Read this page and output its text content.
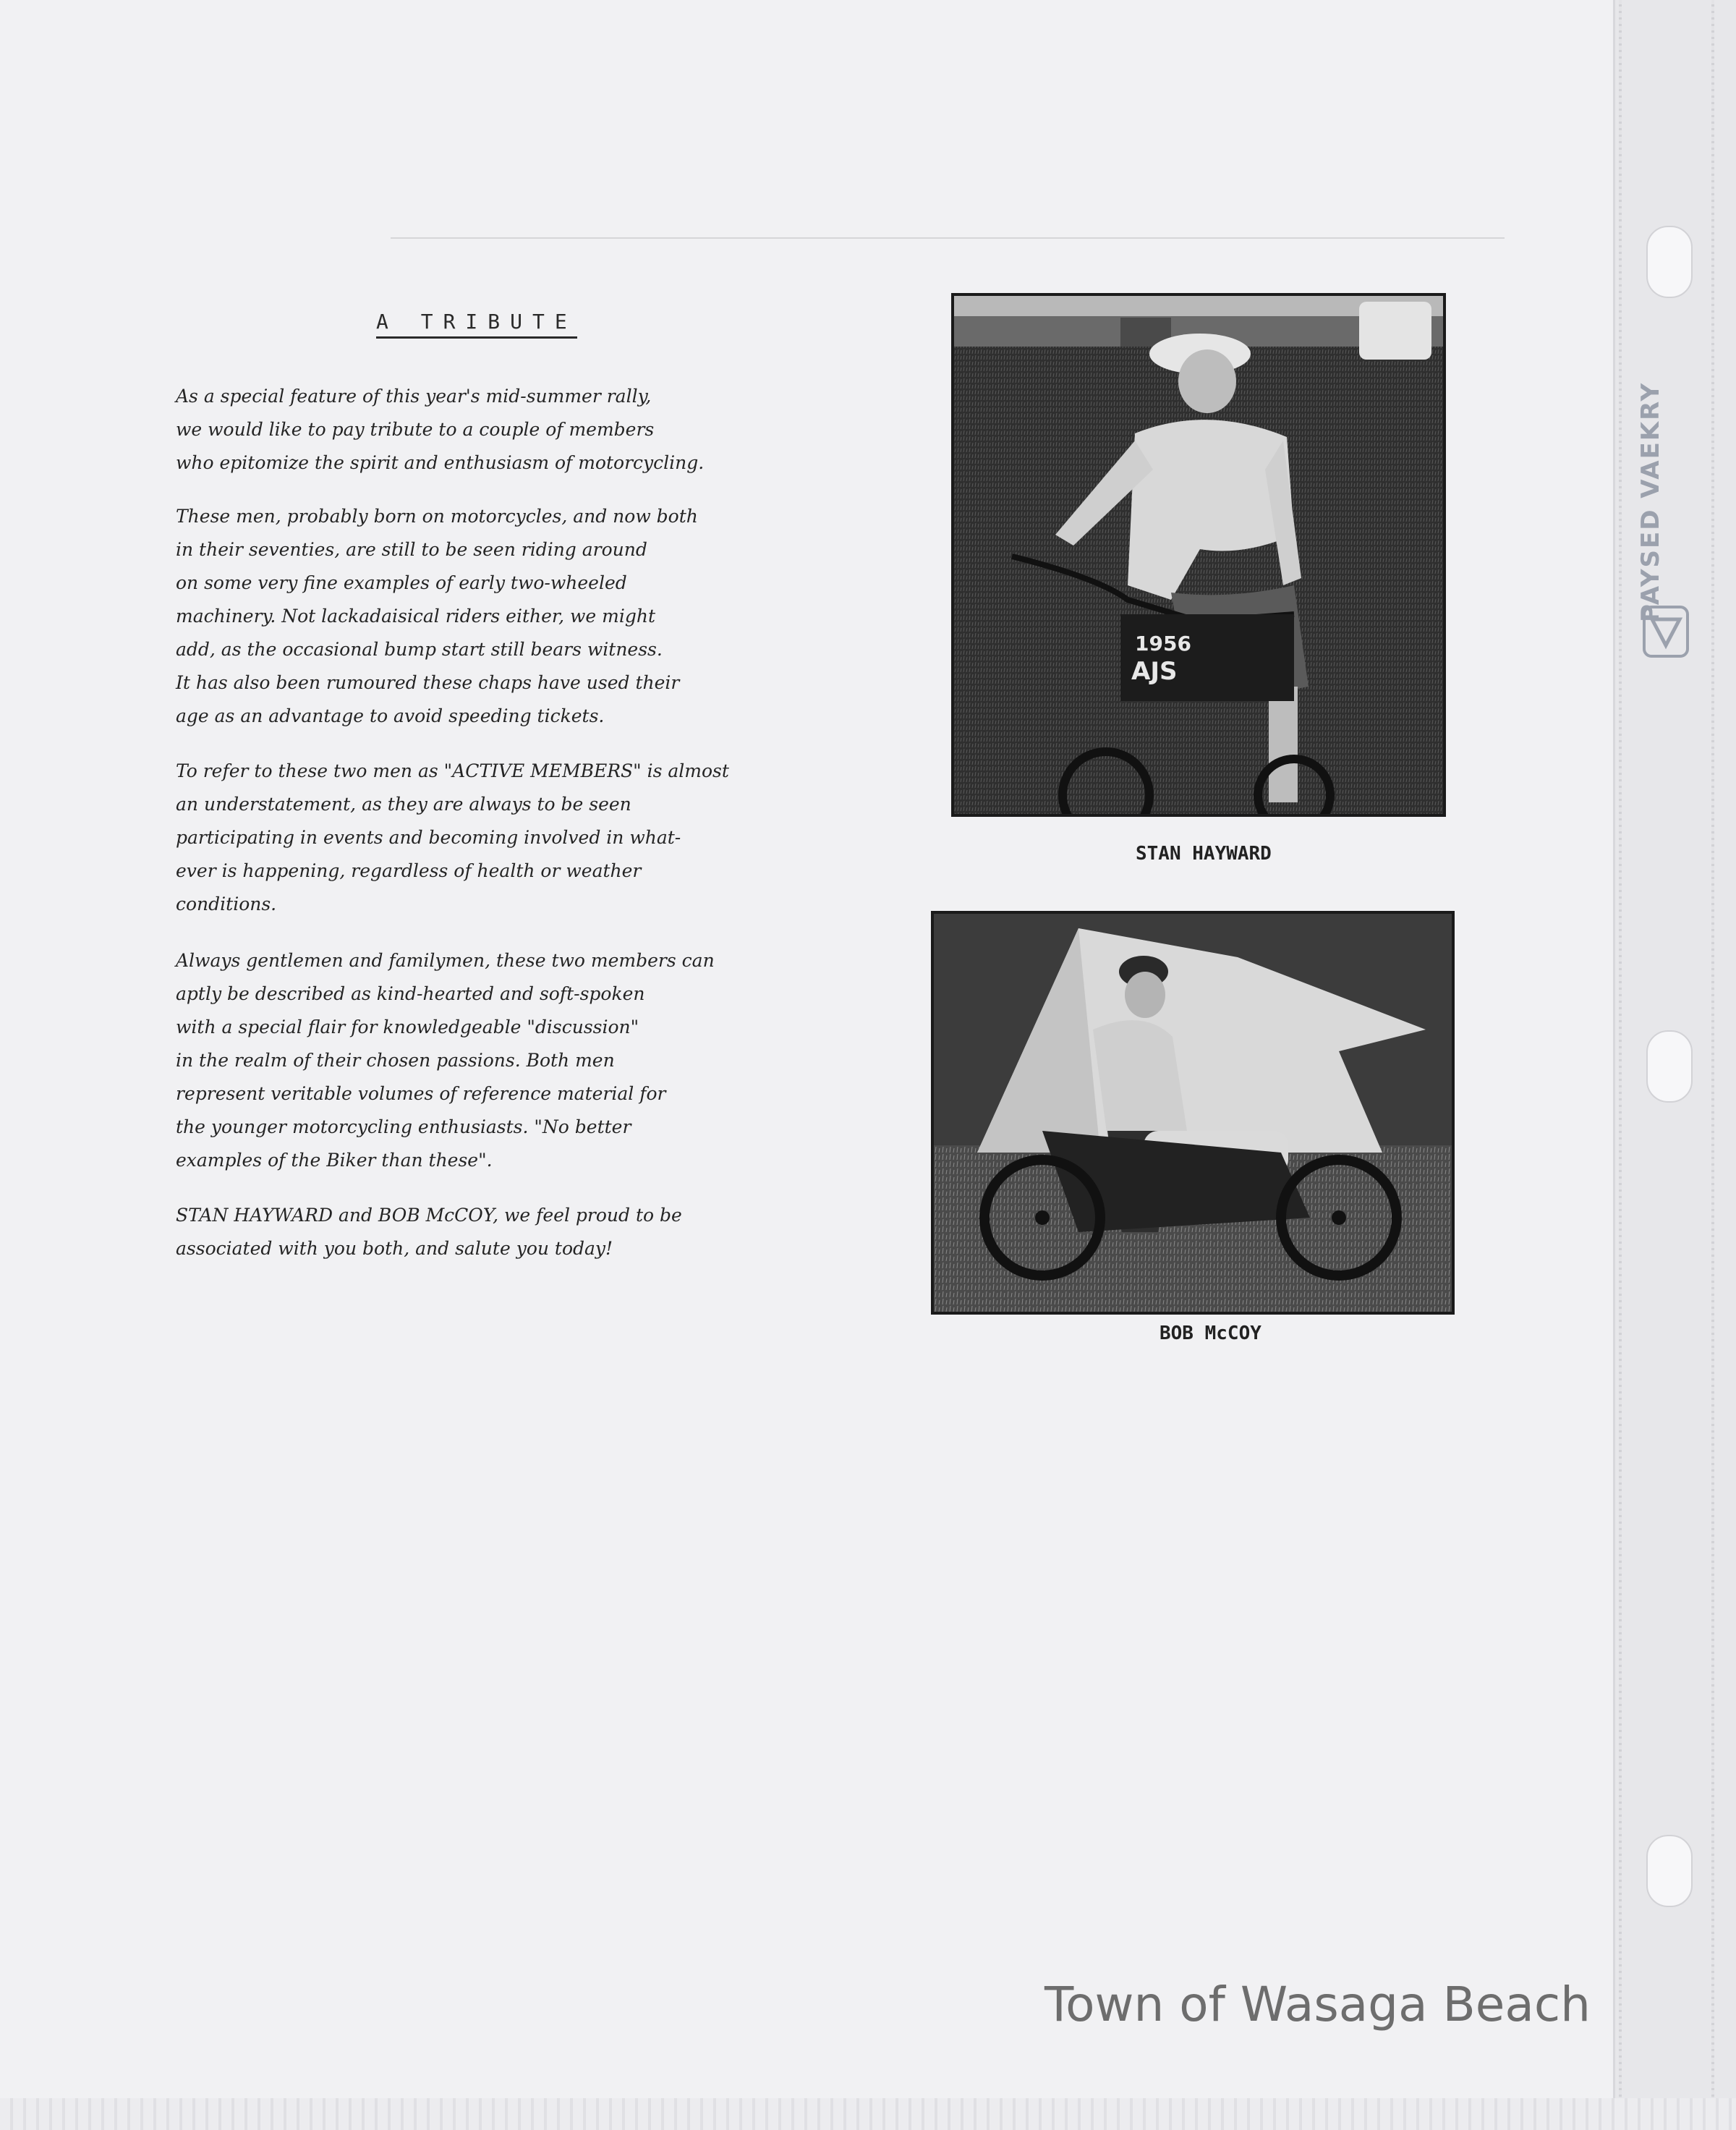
A TRIBUTE
As a special feature of this year's mid-summer rally,
we would like to pay tribute to a couple of members
who epitomize the spirit and enthusiasm of motorcycling.
These men, probably born on motorcycles, and now both
in their seventies, are still to be seen riding around
on some very fine examples of early two-wheeled
machinery. Not lackadaisical riders either, we might
add, as the occasional bump start still bears witness.
It has also been rumoured these chaps have used their
age as an advantage to avoid speeding tickets.
To refer to these two men as "ACTIVE MEMBERS" is almost
an understatement, as they are always to be seen
participating in events and becoming involved in what-
ever is happening, regardless of health or weather
conditions.
Always gentlemen and familymen, these two members can
aptly be described as kind-hearted and soft-spoken
with a special flair for knowledgeable "discussion"
in the realm of their chosen passions. Both men
represent veritable volumes of reference material for
the younger motorcycling enthusiasts. "No better
examples of the Biker than these".
STAN HAYWARD and BOB McCOY, we feel proud to be
associated with you both, and salute you today!
1956
AJS
STAN HAYWARD
BOB McCOY
PAYSED VAEKRY
Town of Wasaga Beach
